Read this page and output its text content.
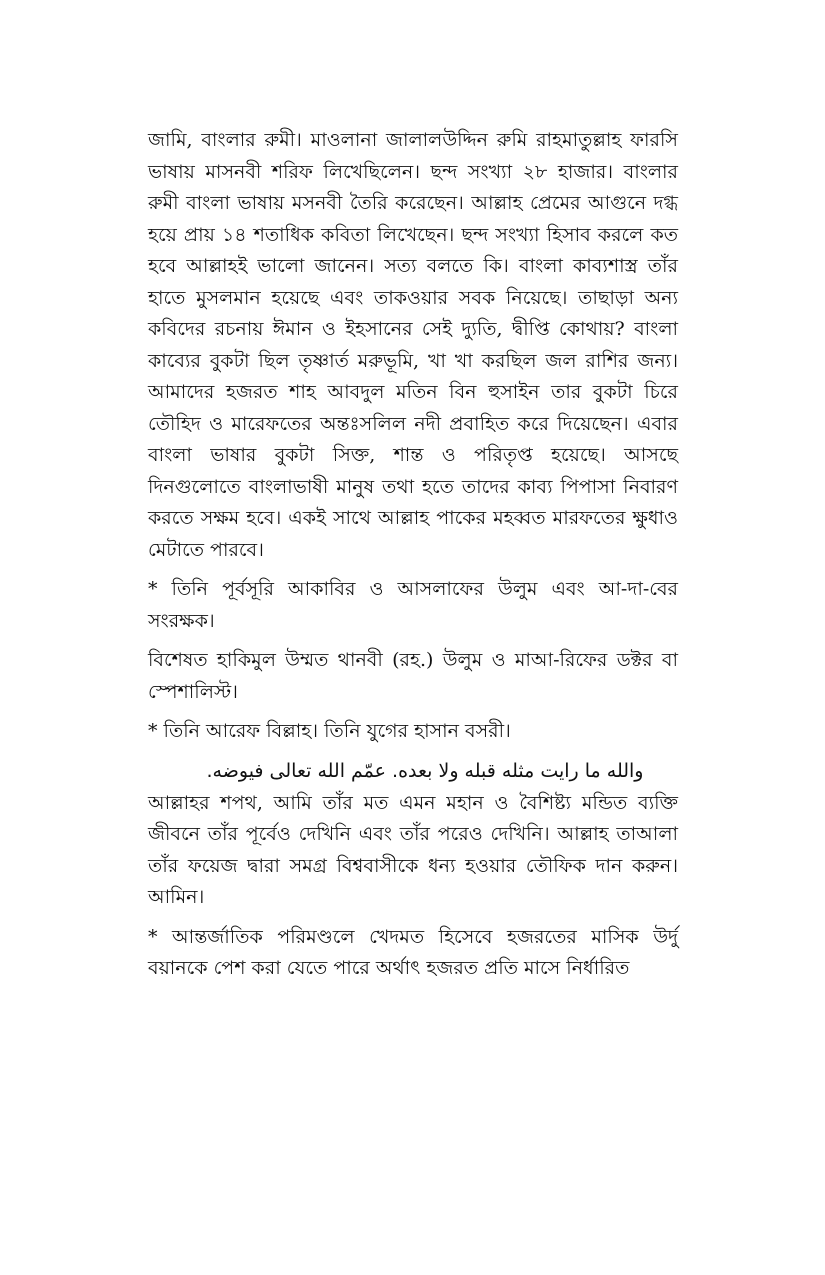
জামি, বাংলার রুমী। মাওলানা জালালউদ্দিন রুমি রাহমাতুল্লাহ ফারসি ভাষায় মাসনবী শরিফ লিখেছিলেন। ছন্দ সংখ্যা ২৮ হাজার। বাংলার রুমী বাংলা ভাষায় মসনবী তৈরি করেছেন। আল্লাহ প্রেমের আগুনে দগ্ধ হয়ে প্রায় ১৪ শতাধিক কবিতা লিখেছেন। ছন্দ সংখ্যা হিসাব করলে কত হবে আল্লাহই ভালো জানেন। সত্য বলতে কি। বাংলা কাব্যশাস্ত্র তাঁর হাতে মুসলমান হয়েছে এবং তাকওয়ার সবক নিয়েছে। তাছাড়া অন্য কবিদের রচনায় ঈমান ও ইহসানের সেই দ্যুতি, দ্বীপ্তি কোথায়? বাংলা কাব্যের বুকটা ছিল তৃষ্ণার্ত মরুভূমি, খা খা করছিল জল রাশির জন্য। আমাদের হজরত শাহ আবদুল মতিন বিন হুসাইন তার বুকটা চিরে তৌহিদ ও মারেফতের অন্তঃসলিল নদী প্রবাহিত করে দিয়েছেন। এবার বাংলা ভাষার বুকটা সিক্ত, শান্ত ও পরিতৃপ্ত হয়েছে। আসছে দিনগুলোতে বাংলাভাষী মানুষ তথা হতে তাদের কাব্য পিপাসা নিবারণ করতে সক্ষম হবে। একই সাথে আল্লাহ পাকের মহব্বত মারফতের ক্ষুধাও মেটাতে পারবে।

* তিনি পূর্বসূরি আকাবির ও আসলাফের উলুম এবং আ-দা-বের সংরক্ষক।

বিশেষত হাকিমুল উম্মত থানবী (রহ.) উলুম ও মাআ-রিফের ডক্টর বা স্পেশালিস্ট।

* তিনি আরেফ বিল্লাহ। তিনি যুগের হাসান বসরী।

والله ما رايت مثله قبله ولا بعده. عمّم الله تعالى فيوضه.

আল্লাহর শপথ, আমি তাঁর মত এমন মহান ও বৈশিষ্ট্য মন্ডিত ব্যক্তি জীবনে তাঁর পূর্বেও দেখিনি এবং তাঁর পরেও দেখিনি। আল্লাহ তাআলা তাঁর ফয়েজ দ্বারা সমগ্র বিশ্ববাসীকে ধন্য হওয়ার তৌফিক দান করুন। আমিন।

* আন্তর্জাতিক পরিমণ্ডলে খেদমত হিসেবে হজরতের মাসিক উর্দু বয়ানকে পেশ করা যেতে পারে অর্থাৎ হজরত প্রতি মাসে নির্ধারিত
